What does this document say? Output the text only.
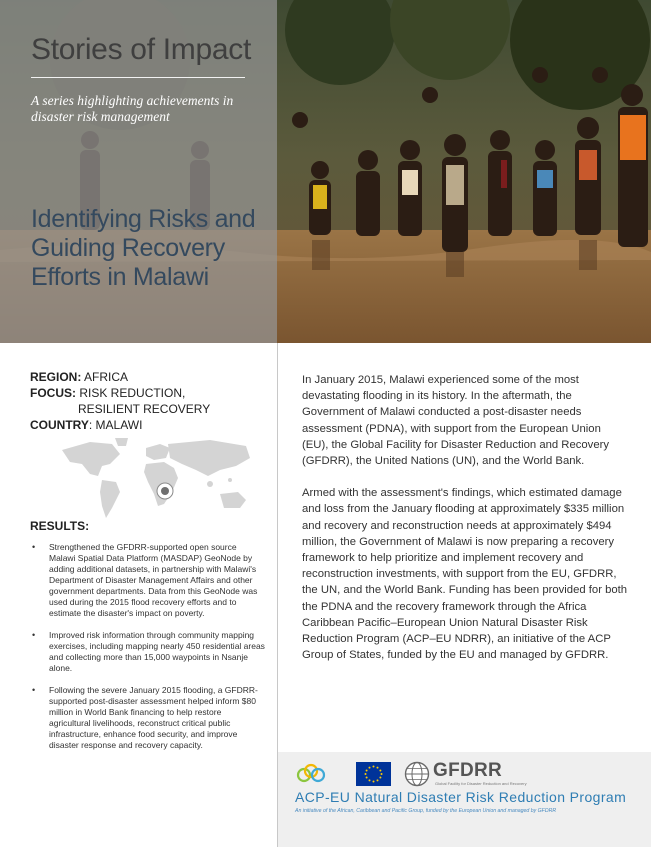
Stories of Impact

A series highlighting achievements in disaster risk management

Identifying Risks and Guiding Recovery Efforts in Malawi
REGION: AFRICA
FOCUS: RISK REDUCTION,
RESILIENT RECOVERY
COUNTRY: MALAWI
RESULTS:
• Strengthened the GFDRR-supported open source Malawi Spatial Data Platform (MASDAP) GeoNode by adding additional datasets, in partnership with Malawi's Department of Disaster Management Affairs and other government departments. Data from this GeoNode was used during the 2015 flood recovery efforts and to estimate the disaster's impact on poverty.
• Improved risk information through community mapping exercises, including mapping nearly 450 residential areas and collecting more than 15,000 waypoints in Nsanje alone.
• Following the severe January 2015 flooding, a GFDRR-supported post-disaster assessment helped inform $80 million in World Bank financing to help restore agricultural livelihoods, reconstruct critical public infrastructure, enhance food security, and improve disaster response and recovery capacity.

In January 2015, Malawi experienced some of the most devastating flooding in its history. In the aftermath, the Government of Malawi conducted a post-disaster needs assessment (PDNA), with support from the European Union (EU), the Global Facility for Disaster Reduction and Recovery (GFDRR), the United Nations (UN), and the World Bank.

Armed with the assessment's findings, which estimated damage and loss from the January flooding at approximately $335 million and recovery and reconstruction needs at approximately $494 million, the Government of Malawi is now preparing a recovery framework to help prioritize and implement recovery and reconstruction investments, with support from the EU, GFDRR, the UN, and the World Bank. Funding has been provided for both the PDNA and the recovery framework through the Africa Caribbean Pacific–European Union Natural Disaster Risk Reduction Program (ACP–EU NDRR), an initiative of the ACP Group of States, funded by the EU and managed by GFDRR.

GFDRR
Global Facility for Disaster Reduction and Recovery
ACP-EU Natural Disaster Risk Reduction Program
An initiative of the African, Caribbean and Pacific Group, funded by the European Union and managed by GFDRR
